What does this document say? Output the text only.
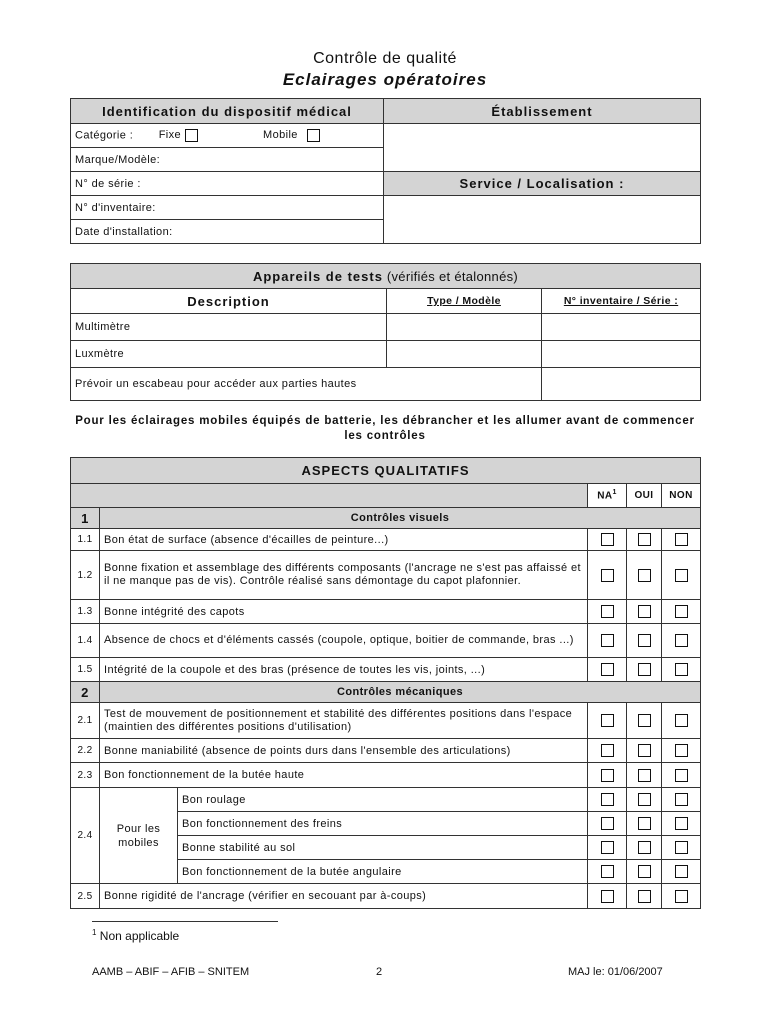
Contrôle de qualité
Eclairages opératoires
Identification du dispositif médical	Établissement
Catégorie : Fixe Mobile	
Marque/Modèle:	
N° de série :	Service / Localisation :
N° d'inventaire:	
Date d'installation:	
Appareils de tests (vérifiés et étalonnés)		
Description	Type / Modèle	N° inventaire / Série :
Multimètre		
Luxmètre		
Prévoir un escabeau pour accéder aux parties hautes		
Pour les éclairages mobiles équipés de batterie, les débrancher et les allumer avant de commencer les contrôles
ASPECTS QUALITATIFS					
			$NA^1$	OUI	NON
1	Contrôles visuels				
1.1	Bon état de surface (absence d'écailles de peinture...)				
1.2	Bonne fixation et assemblage des différents composants (l'ancrage ne s'est pas affaissé et il ne manque pas de vis). Contrôle réalisé sans démontage du capot plafonnier.				
1.3	Bonne intégrité des capots				
1.4	Absence de chocs et d'éléments cassés (coupole, optique, boitier de commande, bras ...)				
1.5	Intégrité de la coupole et des bras (présence de toutes les vis, joints, ...)				
2	Contrôles mécaniques				
2.1	Test de mouvement de positionnement et stabilité des différentes positions dans l'espace (maintien des différentes positions d'utilisation)				
2.2	Bonne maniabilité (absence de points durs dans l'ensemble des articulations)				
2.3	Bon fonctionnement de la butée haute				
2.4	Pour les mobiles	Bon roulage			
		Bon fonctionnement des freins			
		Bonne stabilité au sol			
		Bon fonctionnement de la butée angulaire			
2.5	Bonne rigidité de l'ancrage (vérifier en secouant par à-coups)				
$^1$ Non applicable
AAMB – ABIF – AFIB – SNITEM	2	MAJ le: 01/06/2007
